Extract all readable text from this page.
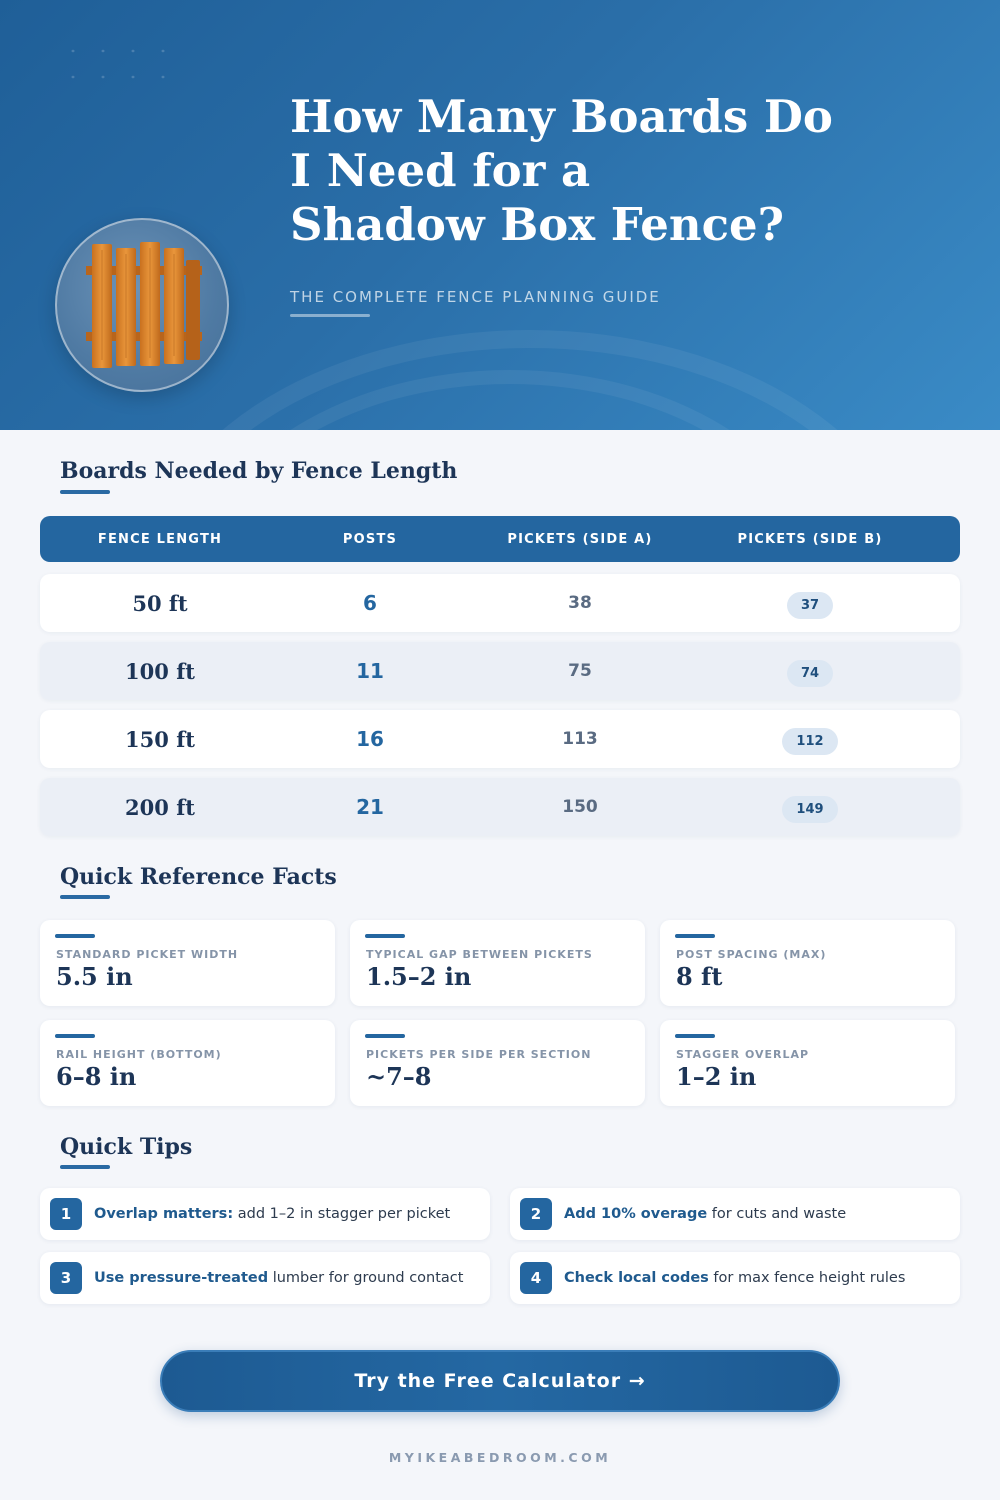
How Many Boards Do
I Need for a
Shadow Box Fence?
THE COMPLETE FENCE PLANNING GUIDE
Boards Needed by Fence Length
FENCE LENGTH	POSTS	PICKETS (SIDE A)	PICKETS (SIDE B)
50 ft	6	38	37
100 ft	11	75	74
150 ft	16	113	112
200 ft	21	150	149
Quick Reference Facts
STANDARD PICKET WIDTH
5.5 in
TYPICAL GAP BETWEEN PICKETS
1.5–2 in
POST SPACING (MAX)
8 ft
RAIL HEIGHT (BOTTOM)
6–8 in
PICKETS PER SIDE PER SECTION
~7–8
STAGGER OVERLAP
1–2 in
Quick Tips
1	Overlap matters: add 1–2 in stagger per picket	2	Add 10% overage for cuts and waste
3	Use pressure-treated lumber for ground contact	4	Check local codes for max fence height rules
Try the Free Calculator →
MYIKEABEDROOM.COM
